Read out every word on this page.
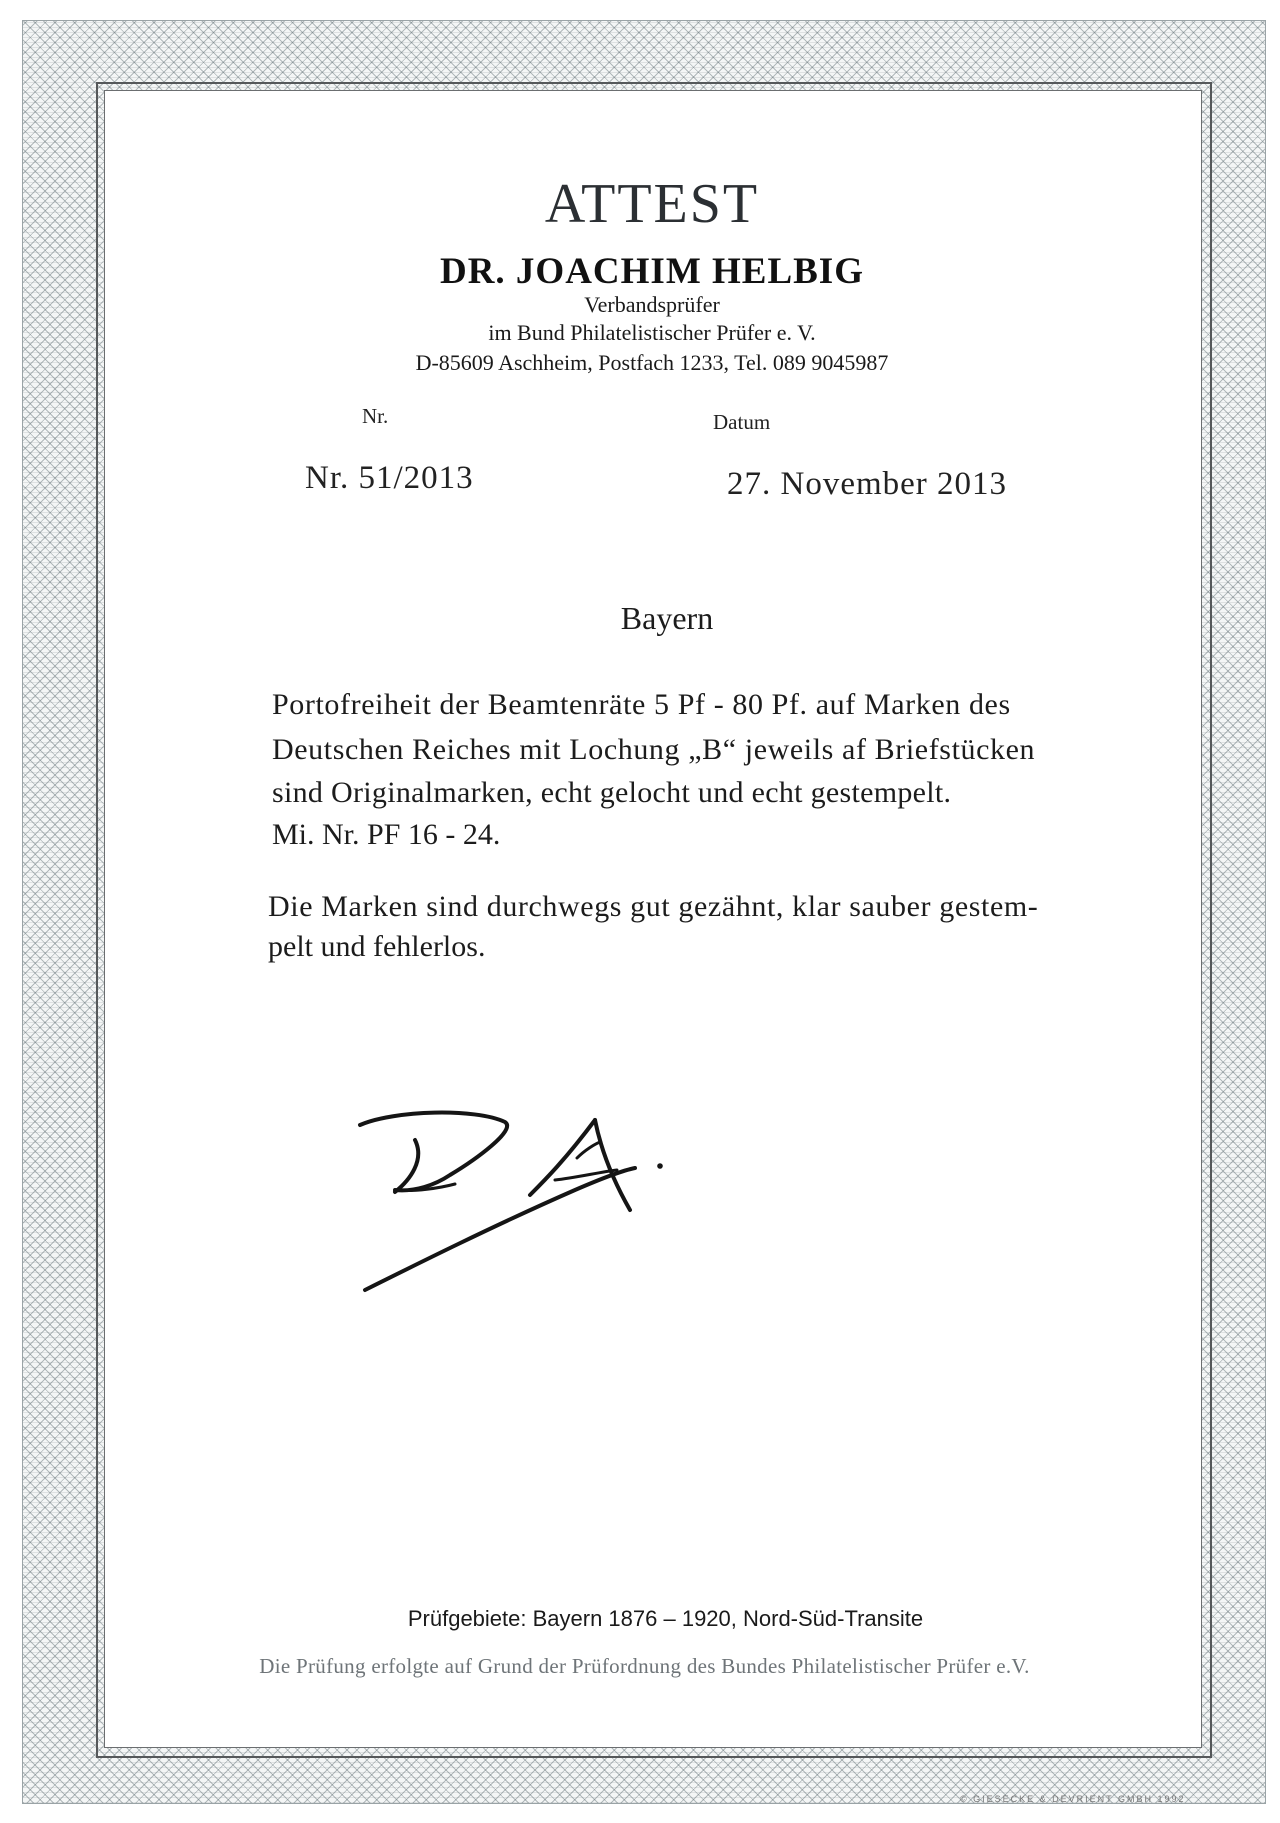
ATTEST
DR. JOACHIM HELBIG
Verbandsprüfer
im Bund Philatelistischer Prüfer e. V.
D-85609 Aschheim, Postfach 1233, Tel. 089 9045987
Nr.	Datum
Nr. 51/2013	27. November 2013
Bayern
Portofreiheit der Beamtenräte 5 Pf - 80 Pf. auf Marken des
Deutschen Reiches mit Lochung „B“ jeweils af Briefstücken
sind Originalmarken, echt gelocht und echt gestempelt.
Mi. Nr. PF 16 - 24.
Die Marken sind durchwegs gut gezähnt, klar sauber gestem-
pelt und fehlerlos.
Prüfgebiete: Bayern 1876 – 1920, Nord-Süd-Transite
Die Prüfung erfolgte auf Grund der Prüfordnung des Bundes Philatelistischer Prüfer e.V.
© GIESECKE & DEVRIENT GMBH 1992
